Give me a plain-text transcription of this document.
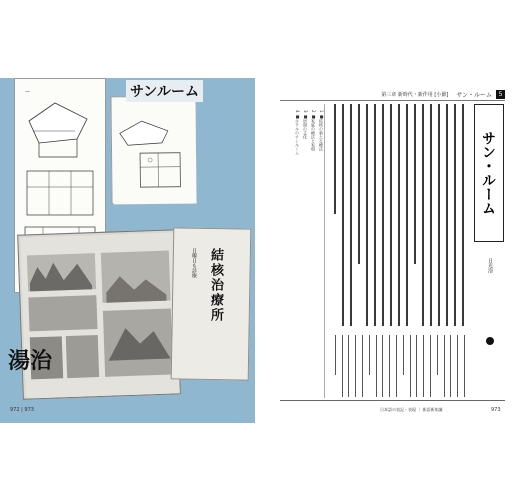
—	サンルーム
結核治療所
日曜日も診療
湯治
972 | 973
第三章 新時代・新作用 [小節] サン・ルーム	5
サン・ルーム
日光浴
1 ■結核の新たな療法
2 ■家庭の療法と家相
3 ■居間の文化
4 ■ホテルのサンルーム
日本語の表記・表現 ｜ 新語新知識	973
